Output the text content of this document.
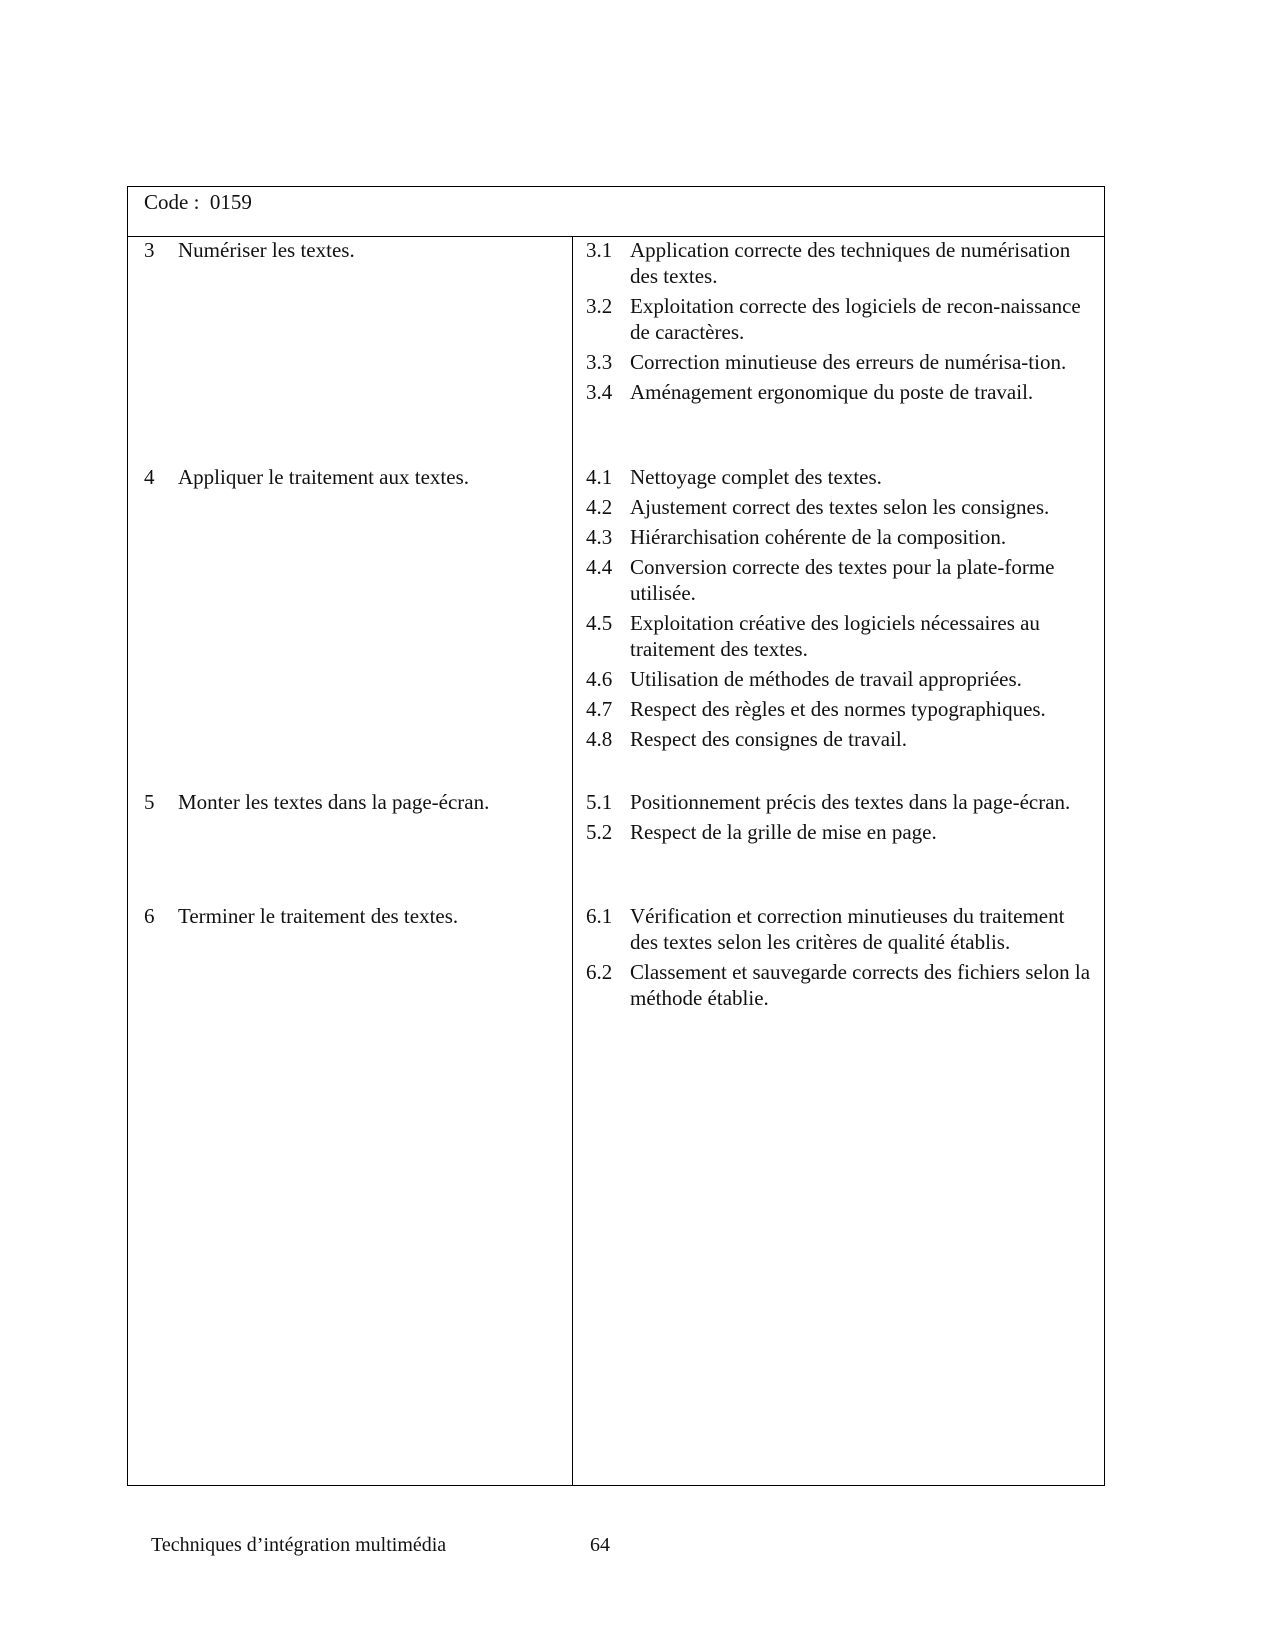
Code :  0159
3 Numériser les textes.	3.1 Application correcte des techniques de numérisation des textes.
3.2 Exploitation correcte des logiciels de recon-naissance de caractères.
3.3 Correction minutieuse des erreurs de numérisa-tion.
3.4 Aménagement ergonomique du poste de travail.
4 Appliquer le traitement aux textes.	4.1 Nettoyage complet des textes.
4.2 Ajustement correct des textes selon les consignes.
4.3 Hiérarchisation cohérente de la composition.
4.4 Conversion correcte des textes pour la plate-forme utilisée.
4.5 Exploitation créative des logiciels nécessaires au traitement des textes.
4.6 Utilisation de méthodes de travail appropriées.
4.7 Respect des règles et des normes typographiques.
4.8 Respect des consignes de travail.
5 Monter les textes dans la page-écran.	5.1 Positionnement précis des textes dans la page-écran.
5.2 Respect de la grille de mise en page.
6 Terminer le traitement des textes.	6.1 Vérification et correction minutieuses du traitement des textes selon les critères de qualité établis.
6.2 Classement et sauvegarde corrects des fichiers selon la méthode établie.
Techniques d’intégration multimédia	64
